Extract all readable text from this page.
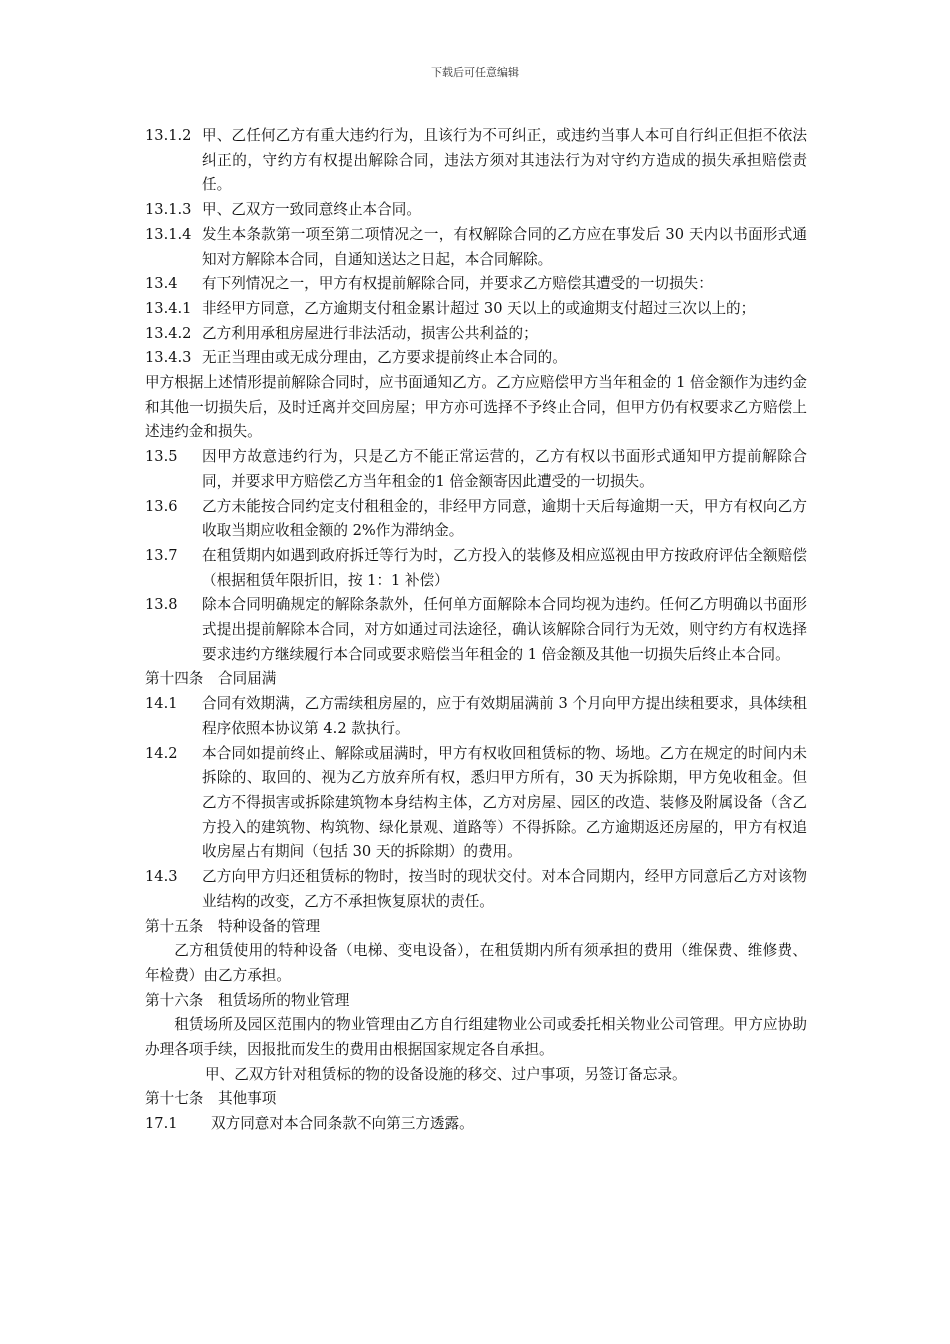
下载后可任意编辑
13.1.2 甲、乙任何乙方有重大违约行为，且该行为不可纠正，或违约当事人本可自行纠正但拒不依法纠正的，守约方有权提出解除合同，违法方须对其违法行为对守约方造成的损失承担赔偿责任。
13.1.3 甲、乙双方一致同意终止本合同。
13.1.4 发生本条款第一项至第二项情况之一，有权解除合同的乙方应在事发后 30 天内以书面形式通知对方解除本合同，自通知送达之日起，本合同解除。
13.4	有下列情况之一，甲方有权提前解除合同，并要求乙方赔偿其遭受的一切损失：
13.4.1 非经甲方同意，乙方逾期支付租金累计超过 30 天以上的或逾期支付超过三次以上的；
13.4.2 乙方利用承租房屋进行非法活动，损害公共利益的；
13.4.3 无正当理由或无成分理由，乙方要求提前终止本合同的。
甲方根据上述情形提前解除合同时，应书面通知乙方。乙方应赔偿甲方当年租金的 1 倍金额作为违约金和其他一切损失后，及时迁离并交回房屋；甲方亦可选择不予终止合同，但甲方仍有权要求乙方赔偿上述违约金和损失。
13.5	因甲方故意违约行为，只是乙方不能正常运营的，乙方有权以书面形式通知甲方提前解除合同，并要求甲方赔偿乙方当年租金的1 倍金额寄因此遭受的一切损失。
13.6	乙方未能按合同约定支付租租金的，非经甲方同意，逾期十天后每逾期一天，甲方有权向乙方收取当期应收租金额的 2%作为滞纳金。
13.7	在租赁期内如遇到政府拆迁等行为时，乙方投入的装修及相应巡视由甲方按政府评估全额赔偿（根据租赁年限折旧，按 1：1 补偿）
13.8	除本合同明确规定的解除条款外，任何单方面解除本合同均视为违约。任何乙方明确以书面形式提出提前解除本合同，对方如通过司法途径，确认该解除合同行为无效，则守约方有权选择要求违约方继续履行本合同或要求赔偿当年租金的 1 倍金额及其他一切损失后终止本合同。
第十四条　合同届满
14.1	合同有效期满，乙方需续租房屋的，应于有效期届满前 3 个月向甲方提出续租要求，具体续租程序依照本协议第 4.2 款执行。
14.2	本合同如提前终止、解除或届满时，甲方有权收回租赁标的物、场地。乙方在规定的时间内未拆除的、取回的、视为乙方放弃所有权，悉归甲方所有，30 天为拆除期，甲方免收租金。但乙方不得损害或拆除建筑物本身结构主体，乙方对房屋、园区的改造、装修及附属设备（含乙方投入的建筑物、构筑物、绿化景观、道路等）不得拆除。乙方逾期返还房屋的，甲方有权追收房屋占有期间（包括 30 天的拆除期）的费用。
14.3	乙方向甲方归还租赁标的物时，按当时的现状交付。对本合同期内，经甲方同意后乙方对该物业结构的改变，乙方不承担恢复原状的责任。
第十五条　特种设备的管理
乙方租赁使用的特种设备（电梯、变电设备），在租赁期内所有须承担的费用（维保费、维修费、年检费）由乙方承担。
第十六条　租赁场所的物业管理
租赁场所及园区范围内的物业管理由乙方自行组建物业公司或委托相关物业公司管理。甲方应协助办理各项手续，因报批而发生的费用由根据国家规定各自承担。
甲、乙双方针对租赁标的物的设备设施的移交、过户事项，另签订备忘录。
第十七条　其他事项
17.1	双方同意对本合同条款不向第三方透露。
